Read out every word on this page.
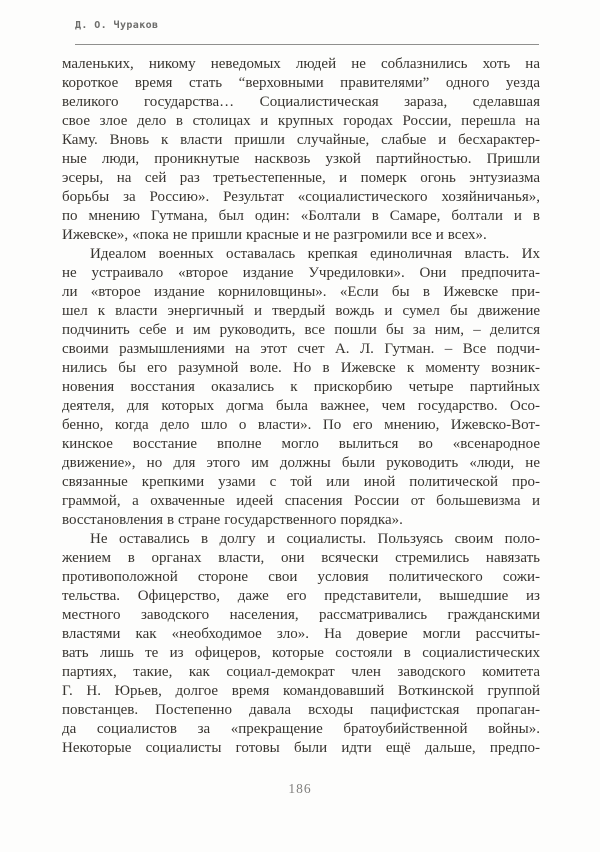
Д. О. Чураков
маленьких, никому неведомых людей не соблазнились хоть на
короткое время стать “верховными правителями” одного уезда
великого государства… Социалистическая зараза, сделавшая
свое злое дело в столицах и крупных городах России, перешла на
Каму. Вновь к власти пришли случайные, слабые и бесхарактер-
ные люди, проникнутые насквозь узкой партийностью. Пришли
эсеры, на сей раз третьестепенные, и померк огонь энтузиазма
борьбы за Россию». Результат «социалистического хозяйничанья»,
по мнению Гутмана, был один: «Болтали в Самаре, болтали и в
Ижевске», «пока не пришли красные и не разгромили все и всех».
Идеалом военных оставалась крепкая единоличная власть. Их
не устраивало «второе издание Учредиловки». Они предпочита-
ли «второе издание корниловщины». «Если бы в Ижевске при-
шел к власти энергичный и твердый вождь и сумел бы движение
подчинить себе и им руководить, все пошли бы за ним, – делится
своими размышлениями на этот счет А. Л. Гутман. – Все подчи-
нились бы его разумной воле. Но в Ижевске к моменту возник-
новения восстания оказались к прискорбию четыре партийных
деятеля, для которых догма была важнее, чем государство. Осо-
бенно, когда дело шло о власти». По его мнению, Ижевско-Вот-
кинское восстание вполне могло вылиться во «всенародное
движение», но для этого им должны были руководить «люди, не
связанные крепкими узами с той или иной политической про-
граммой, а охваченные идеей спасения России от большевизма и
восстановления в стране государственного порядка».
Не оставались в долгу и социалисты. Пользуясь своим поло-
жением в органах власти, они всячески стремились навязать
противоположной стороне свои условия политического сожи-
тельства. Офицерство, даже его представители, вышедшие из
местного заводского населения, рассматривались гражданскими
властями как «необходимое зло». На доверие могли рассчиты-
вать лишь те из офицеров, которые состояли в социалистических
партиях, такие, как социал-демократ член заводского комитета
Г. Н. Юрьев, долгое время командовавший Воткинской группой
повстанцев. Постепенно давала всходы пацифистская пропаган-
да социалистов за «прекращение братоубийственной войны».
Некоторые социалисты готовы были идти ещё дальше, предпо-
186
